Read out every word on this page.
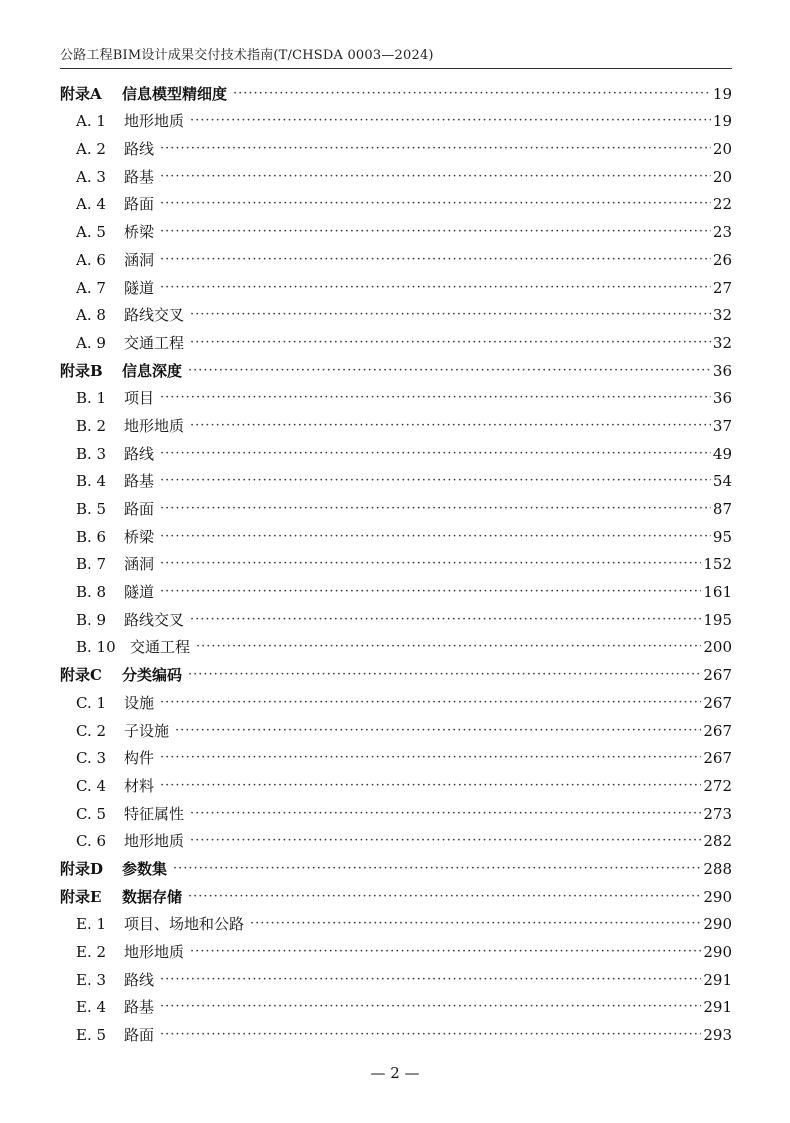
公路工程BIM设计成果交付技术指南(T/CHSDA 0003—2024)
附录A	信息模型精细度 ·····	19
A. 1	地形地质 ·····	19
A. 2	路线 ·····	20
A. 3	路基 ·····	20
A. 4	路面 ·····	22
A. 5	桥梁 ·····	23
A. 6	涵洞 ·····	26
A. 7	隧道 ·····	27
A. 8	路线交叉 ·····	32
A. 9	交通工程 ·····	32
附录B	信息深度 ·····	36
B. 1	项目 ·····	36
B. 2	地形地质 ·····	37
B. 3	路线 ·····	49
B. 4	路基 ·····	54
B. 5	路面 ·····	87
B. 6	桥梁 ·····	95
B. 7	涵洞 ·····	152
B. 8	隧道 ·····	161
B. 9	路线交叉 ·····	195
B. 10 交通工程 ·····	200
附录C	分类编码 ·····	267
C. 1	设施 ·····	267
C. 2	子设施 ·····	267
C. 3	构件 ·····	267
C. 4	材料 ·····	272
C. 5	特征属性 ·····	273
C. 6	地形地质 ·····	282
附录D	参数集 ·····	288
附录E	数据存储 ·····	290
E. 1	项目、场地和公路 ·····	290
E. 2	地形地质 ·····	290
E. 3	路线 ·····	291
E. 4	路基 ·····	291
E. 5	路面 ·····	293
— 2 —
